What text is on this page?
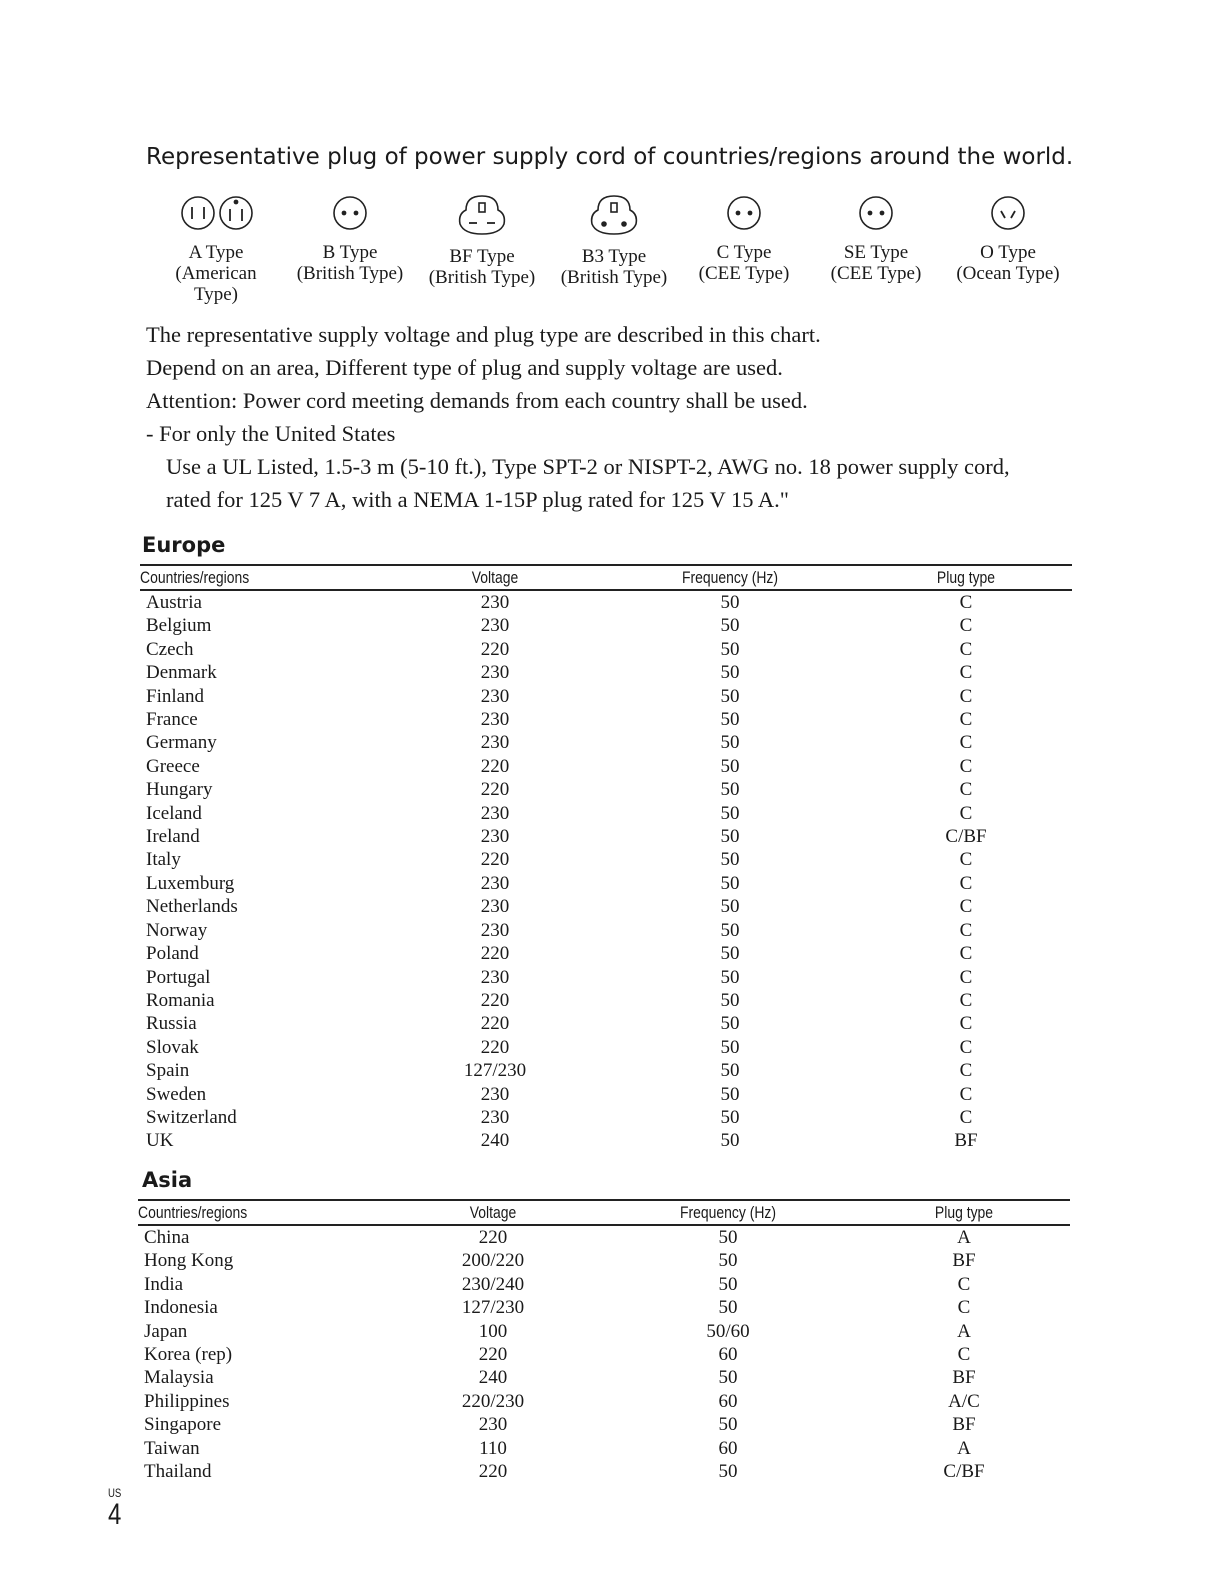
Representative plug of power supply cord of countries/regions around the world.
A Type
(American
Type)
B Type
(British Type)
BF Type
(British Type)
B3 Type
(British Type)
C Type
(CEE Type)
SE Type
(CEE Type)
O Type
(Ocean Type)
The representative supply voltage and plug type are described in this chart.
Depend on an area, Different type of plug and supply voltage are used.
Attention: Power cord meeting demands from each country shall be used.
- For only the United States
Use a UL Listed, 1.5-3 m (5-10 ft.), Type SPT-2 or NISPT-2, AWG no. 18 power supply cord,
rated for 125 V 7 A, with a NEMA 1-15P plug rated for 125 V 15 A."
Europe
Countries/regions	Voltage	Frequency (Hz)	Plug type
Austria	230	50	C
Belgium	230	50	C
Czech	220	50	C
Denmark	230	50	C
Finland	230	50	C
France	230	50	C
Germany	230	50	C
Greece	220	50	C
Hungary	220	50	C
Iceland	230	50	C
Ireland	230	50	C/BF
Italy	220	50	C
Luxemburg	230	50	C
Netherlands	230	50	C
Norway	230	50	C
Poland	220	50	C
Portugal	230	50	C
Romania	220	50	C
Russia	220	50	C
Slovak	220	50	C
Spain	127/230	50	C
Sweden	230	50	C
Switzerland	230	50	C
UK	240	50	BF
Asia
Countries/regions	Voltage	Frequency (Hz)	Plug type
China	220	50	A
Hong Kong	200/220	50	BF
India	230/240	50	C
Indonesia	127/230	50	C
Japan	100	50/60	A
Korea (rep)	220	60	C
Malaysia	240	50	BF
Philippines	220/230	60	A/C
Singapore	230	50	BF
Taiwan	110	60	A
Thailand	220	50	C/BF
US
4
